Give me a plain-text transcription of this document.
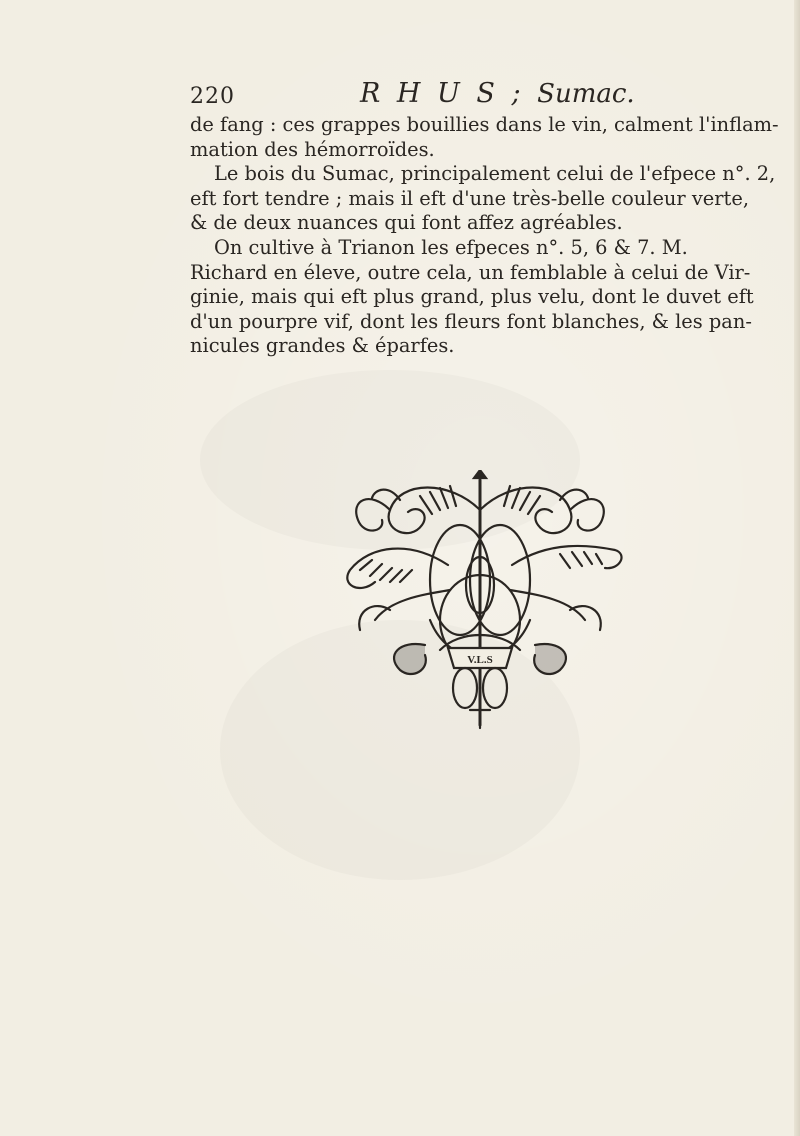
220	R H U S ; Sumac.
de fang : ces grappes bouillies dans le vin, calment l'inflam-
mation des hémorroïdes.
Le bois du Sumac, principalement celui de l'efpece n°. 2,
eft fort tendre ; mais il eft d'une très-belle couleur verte,
& de deux nuances qui font affez agréables.
On cultive à Trianon les efpeces n°. 5, 6 & 7. M.
Richard en éleve, outre cela, un femblable à celui de Vir-
ginie, mais qui eft plus grand, plus velu, dont le duvet eft
d'un pourpre vif, dont les fleurs font blanches, & les pan-
nicules grandes & éparfes.
V.L.S
